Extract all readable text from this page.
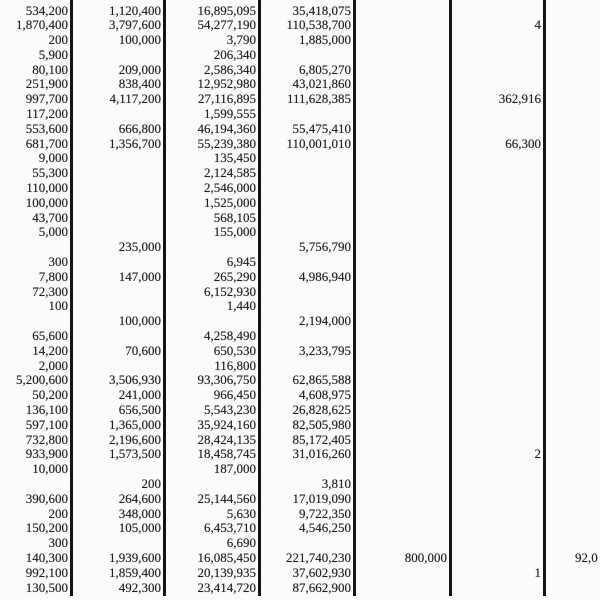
534,200	1,120,400	16,895,095	35,418,075			
1,870,400	3,797,600	54,277,190	110,538,700		4	
200	100,000	3,790	1,885,000			
5,900		206,340				
80,100	209,000	2,586,340	6,805,270			
251,900	838,400	12,952,980	43,021,860			
997,700	4,117,200	27,116,895	111,628,385		362,916	
117,200		1,599,555				
553,600	666,800	46,194,360	55,475,410			
681,700	1,356,700	55,239,380	110,001,010		66,300	
9,000		135,450				
55,300		2,124,585				
110,000		2,546,000				
100,000		1,525,000				
43,700		568,105				
5,000		155,000				
	235,000		5,756,790			
300		6,945				
7,800	147,000	265,290	4,986,940			
72,300		6,152,930				
100		1,440				
	100,000		2,194,000			
65,600		4,258,490				
14,200	70,600	650,530	3,233,795			
2,000		116,800				
5,200,600	3,506,930	93,306,750	62,865,588			
50,200	241,000	966,450	4,608,975			
136,100	656,500	5,543,230	26,828,625			
597,100	1,365,000	35,924,160	82,505,980			
732,800	2,196,600	28,424,135	85,172,405			
933,900	1,573,500	18,458,745	31,016,260		2	
10,000		187,000				
	200		3,810			
390,600	264,600	25,144,560	17,019,090			
200	348,000	5,630	9,722,350			
150,200	105,000	6,453,710	4,546,250			
300		6,690				
140,300	1,939,600	16,085,450	221,740,230	800,000		92,0
992,100	1,859,400	20,139,935	37,602,930		1	
130,500	492,300	23,414,720	87,662,900			
